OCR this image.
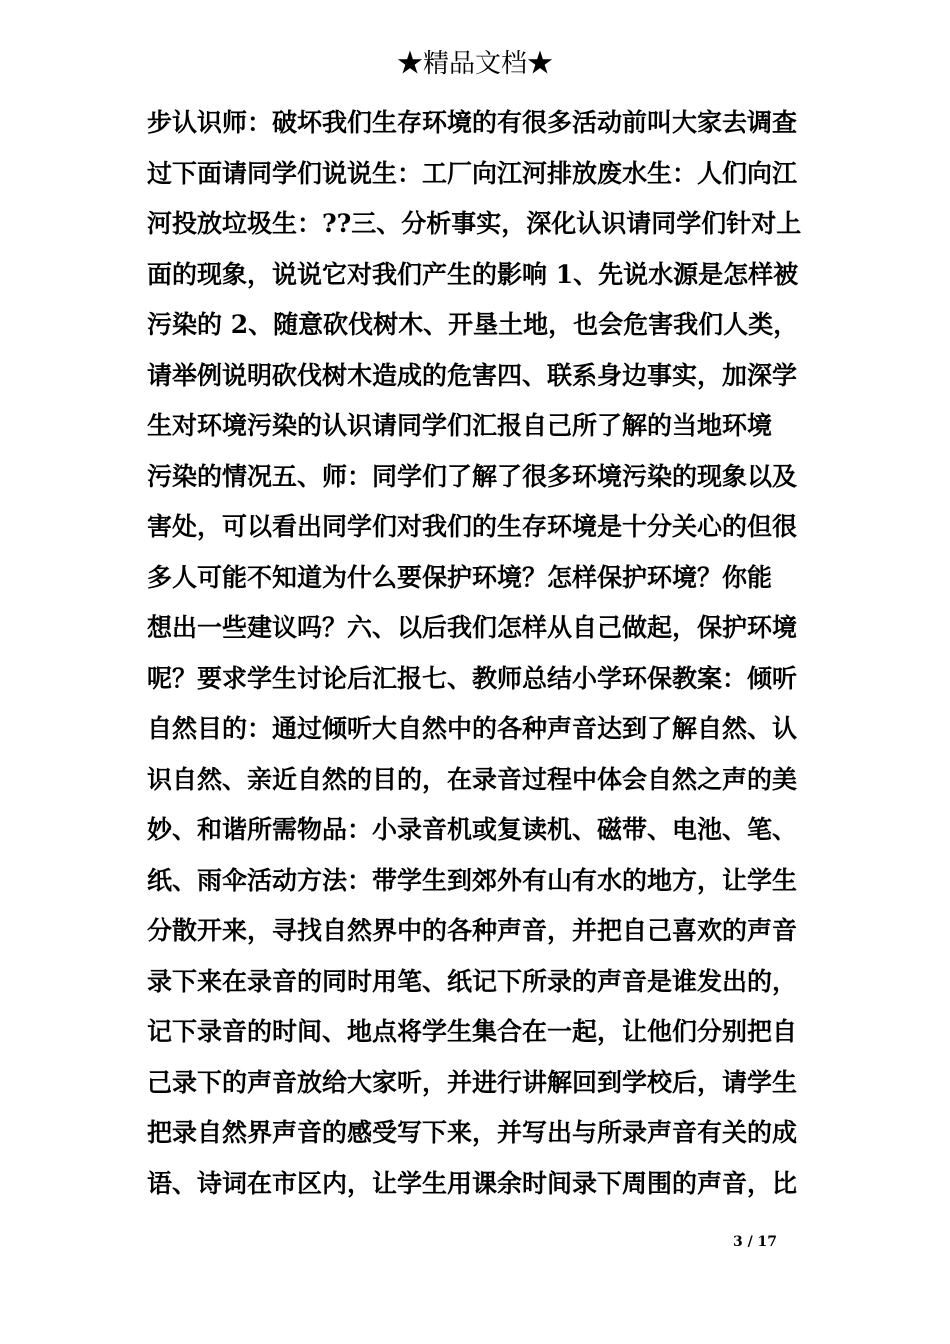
★精品文档★
步认识师：破坏我们生存环境的有很多活动前叫大家去调查
过下面请同学们说说生：工厂向江河排放废水生：人们向江
河投放垃圾生：??三、分析事实，深化认识请同学们针对上
面的现象，说说它对我们产生的影响 1、先说水源是怎样被
污染的 2、随意砍伐树木、开垦土地，也会危害我们人类，
请举例说明砍伐树木造成的危害四、联系身边事实，加深学
生对环境污染的认识请同学们汇报自己所了解的当地环境
污染的情况五、师：同学们了解了很多环境污染的现象以及
害处，可以看出同学们对我们的生存环境是十分关心的但很
多人可能不知道为什么要保护环境？怎样保护环境？你能
想出一些建议吗？六、以后我们怎样从自己做起，保护环境
呢？要求学生讨论后汇报七、教师总结小学环保教案：倾听
自然目的：通过倾听大自然中的各种声音达到了解自然、认
识自然、亲近自然的目的，在录音过程中体会自然之声的美
妙、和谐所需物品：小录音机或复读机、磁带、电池、笔、
纸、雨伞活动方法：带学生到郊外有山有水的地方，让学生
分散开来，寻找自然界中的各种声音，并把自己喜欢的声音
录下来在录音的同时用笔、纸记下所录的声音是谁发出的，
记下录音的时间、地点将学生集合在一起，让他们分别把自
己录下的声音放给大家听，并进行讲解回到学校后，请学生
把录自然界声音的感受写下来，并写出与所录声音有关的成
语、诗词在市区内，让学生用课余时间录下周围的声音，比
3 / 17
